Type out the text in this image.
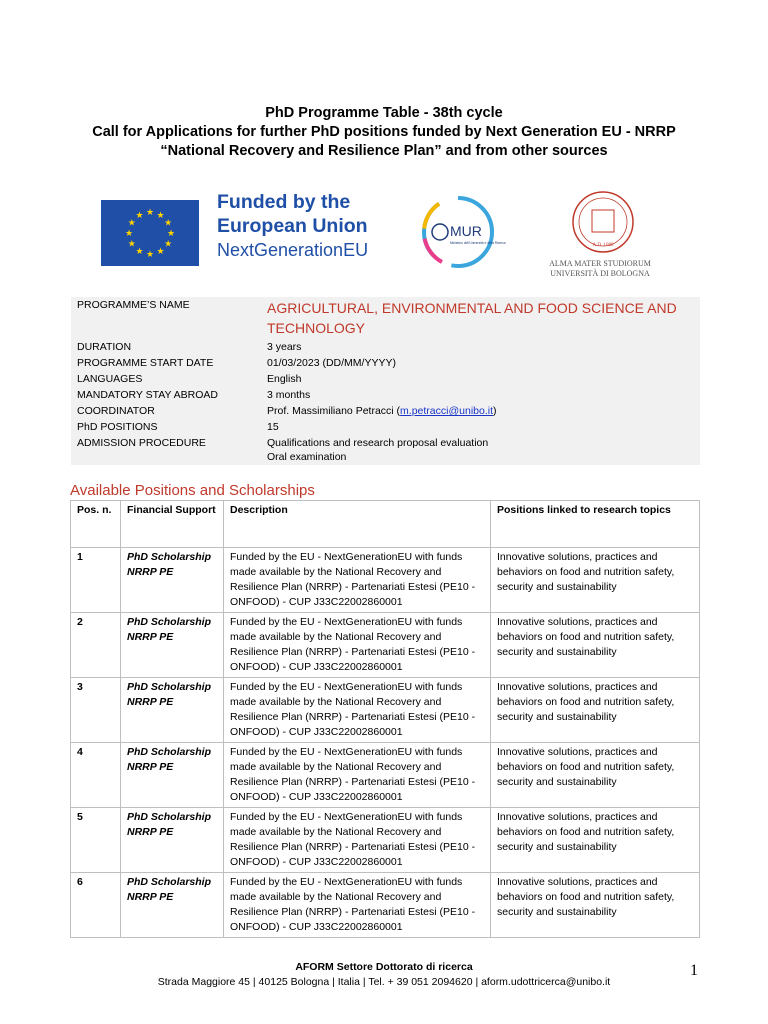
PhD Programme Table - 38th cycle
Call for Applications for further PhD positions funded by Next Generation EU - NRRP
“National Recovery and Resilience Plan” and from other sources
★ ★
★
★
★
★
★
★
★
★
★
★
Funded by the
European Union
NextGenerationEU
MUR
Ministero dell'Università e della Ricerca	A.D. 1088
ALMA MATER STUDIORUM
UNIVERSITÀ DI BOLOGNA
PROGRAMME’S NAME	AGRICULTURAL, ENVIRONMENTAL AND FOOD SCIENCE AND TECHNOLOGY
DURATION	3 years
PROGRAMME START DATE	01/03/2023 (DD/MM/YYYY)
LANGUAGES	English
MANDATORY STAY ABROAD	3 months
COORDINATOR	Prof. Massimiliano Petracci (m.petracci@unibo.it)
PhD POSITIONS	15
ADMISSION PROCEDURE	Qualifications and research proposal evaluation
Oral examination
Available Positions and Scholarships
Pos. n.	Financial Support	Description	Positions linked to research topics
1	PhD Scholarship NRRP PE	Funded by the EU - NextGenerationEU with funds made available by the National Recovery and Resilience Plan (NRRP) - Partenariati Estesi (PE10 - ONFOOD) - CUP J33C22002860001	Innovative solutions, practices and behaviors on food and nutrition safety, security and sustainability
2	PhD Scholarship NRRP PE	Funded by the EU - NextGenerationEU with funds made available by the National Recovery and Resilience Plan (NRRP) - Partenariati Estesi (PE10 - ONFOOD) - CUP J33C22002860001	Innovative solutions, practices and behaviors on food and nutrition safety, security and sustainability
3	PhD Scholarship NRRP PE	Funded by the EU - NextGenerationEU with funds made available by the National Recovery and Resilience Plan (NRRP) - Partenariati Estesi (PE10 - ONFOOD) - CUP J33C22002860001	Innovative solutions, practices and behaviors on food and nutrition safety, security and sustainability
4	PhD Scholarship NRRP PE	Funded by the EU - NextGenerationEU with funds made available by the National Recovery and Resilience Plan (NRRP) - Partenariati Estesi (PE10 - ONFOOD) - CUP J33C22002860001	Innovative solutions, practices and behaviors on food and nutrition safety, security and sustainability
5	PhD Scholarship NRRP PE	Funded by the EU - NextGenerationEU with funds made available by the National Recovery and Resilience Plan (NRRP) - Partenariati Estesi (PE10 - ONFOOD) - CUP J33C22002860001	Innovative solutions, practices and behaviors on food and nutrition safety, security and sustainability
6	PhD Scholarship NRRP PE	Funded by the EU - NextGenerationEU with funds made available by the National Recovery and Resilience Plan (NRRP) - Partenariati Estesi (PE10 - ONFOOD) - CUP J33C22002860001	Innovative solutions, practices and behaviors on food and nutrition safety, security and sustainability
AFORM Settore Dottorato di ricerca
Strada Maggiore 45 | 40125 Bologna | Italia | Tel. + 39 051 2094620 | aform.udottricerca@unibo.it
1
